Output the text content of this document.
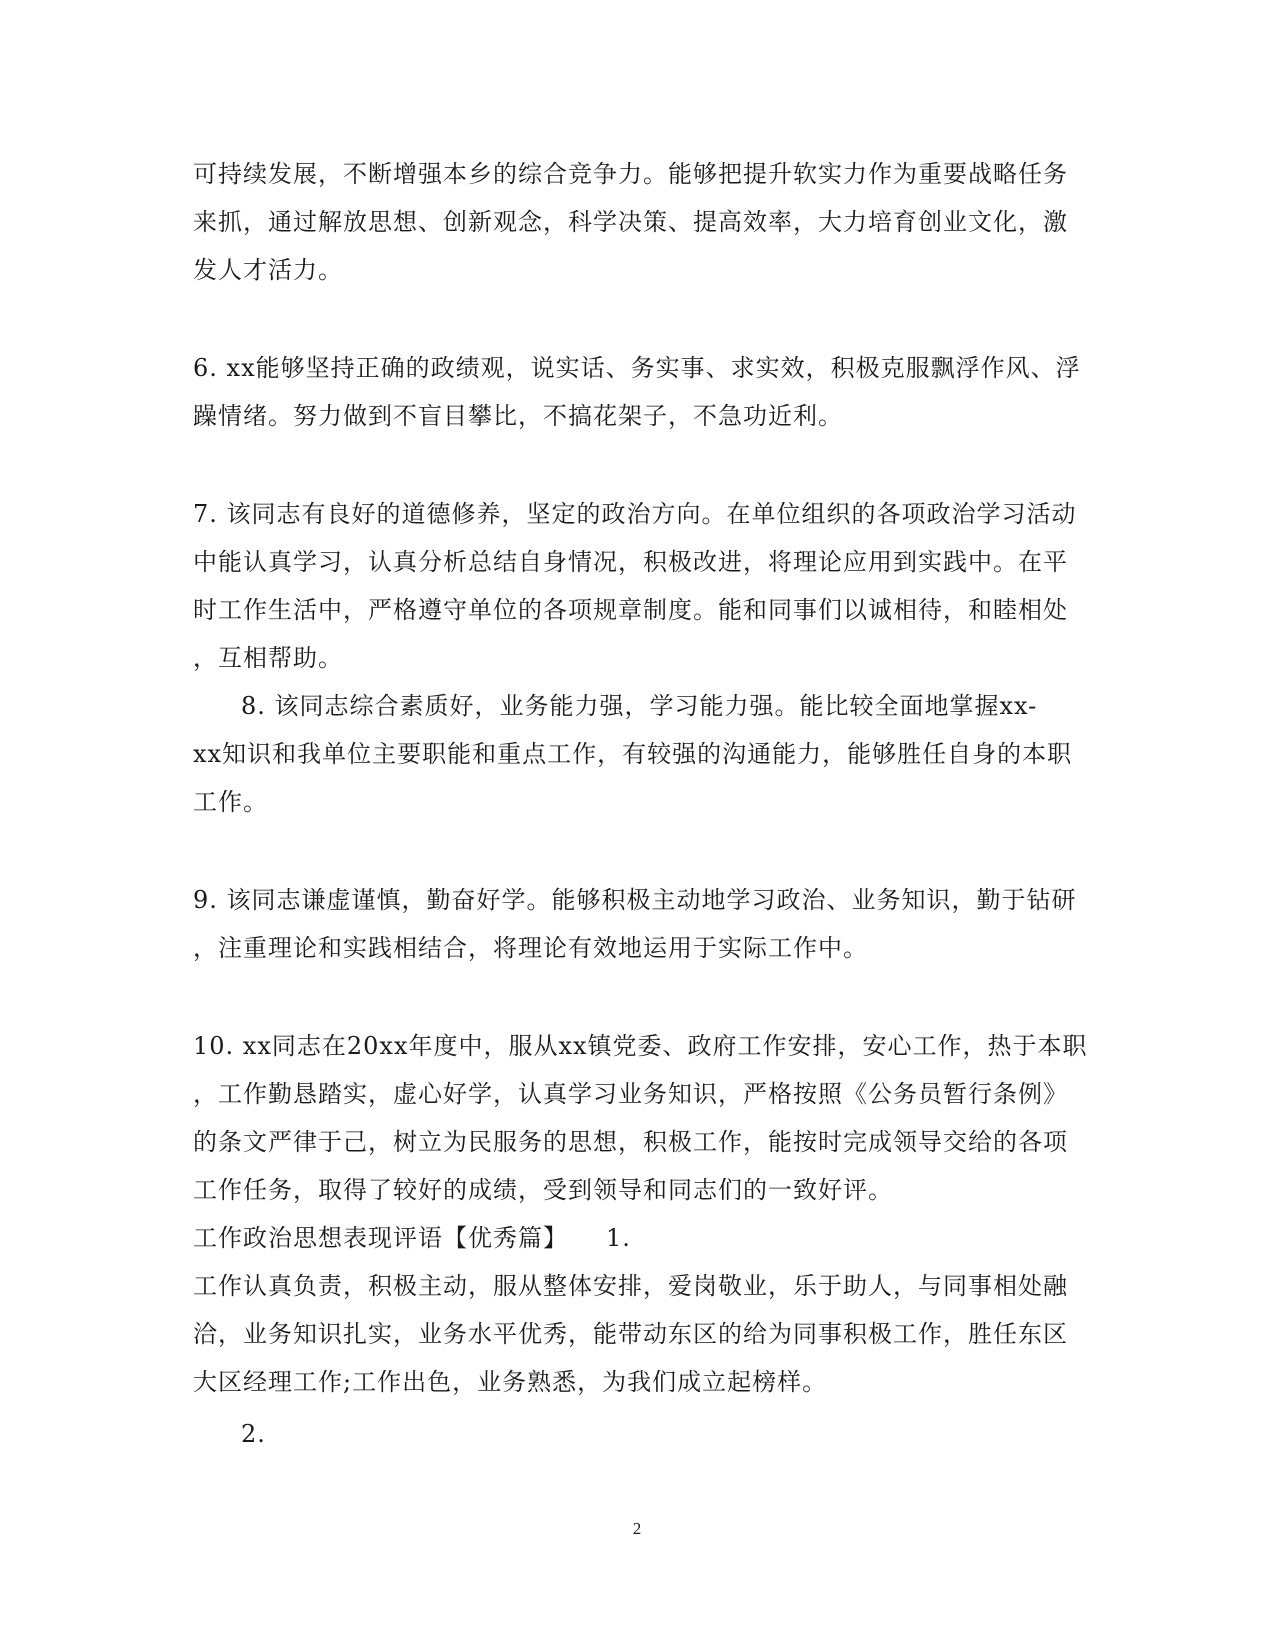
可持续发展，不断增强本乡的综合竞争力。能够把提升软实力作为重要战略任务
来抓，通过解放思想、创新观念，科学决策、提高效率，大力培育创业文化，激
发人才活力。
6. xx能够坚持正确的政绩观，说实话、务实事、求实效，积极克服飘浮作风、浮
躁情绪。努力做到不盲目攀比，不搞花架子，不急功近利。
7. 该同志有良好的道德修养，坚定的政治方向。在单位组织的各项政治学习活动
中能认真学习，认真分析总结自身情况，积极改进，将理论应用到实践中。在平
时工作生活中，严格遵守单位的各项规章制度。能和同事们以诚相待，和睦相处
，互相帮助。
8. 该同志综合素质好，业务能力强，学习能力强。能比较全面地掌握xx-
xx知识和我单位主要职能和重点工作，有较强的沟通能力，能够胜任自身的本职
工作。
9. 该同志谦虚谨慎，勤奋好学。能够积极主动地学习政治、业务知识，勤于钻研
，注重理论和实践相结合，将理论有效地运用于实际工作中。
10. xx同志在20xx年度中，服从xx镇党委、政府工作安排，安心工作，热于本职
，工作勤恳踏实，虚心好学，认真学习业务知识，严格按照《公务员暂行条例》
的条文严律于己，树立为民服务的思想，积极工作，能按时完成领导交给的各项
工作任务，取得了较好的成绩，受到领导和同志们的一致好评。
工作政治思想表现评语【优秀篇】　　1.
工作认真负责，积极主动，服从整体安排，爱岗敬业，乐于助人，与同事相处融
洽，业务知识扎实，业务水平优秀，能带动东区的给为同事积极工作，胜任东区
大区经理工作;工作出色，业务熟悉，为我们成立起榜样。
2.
2
